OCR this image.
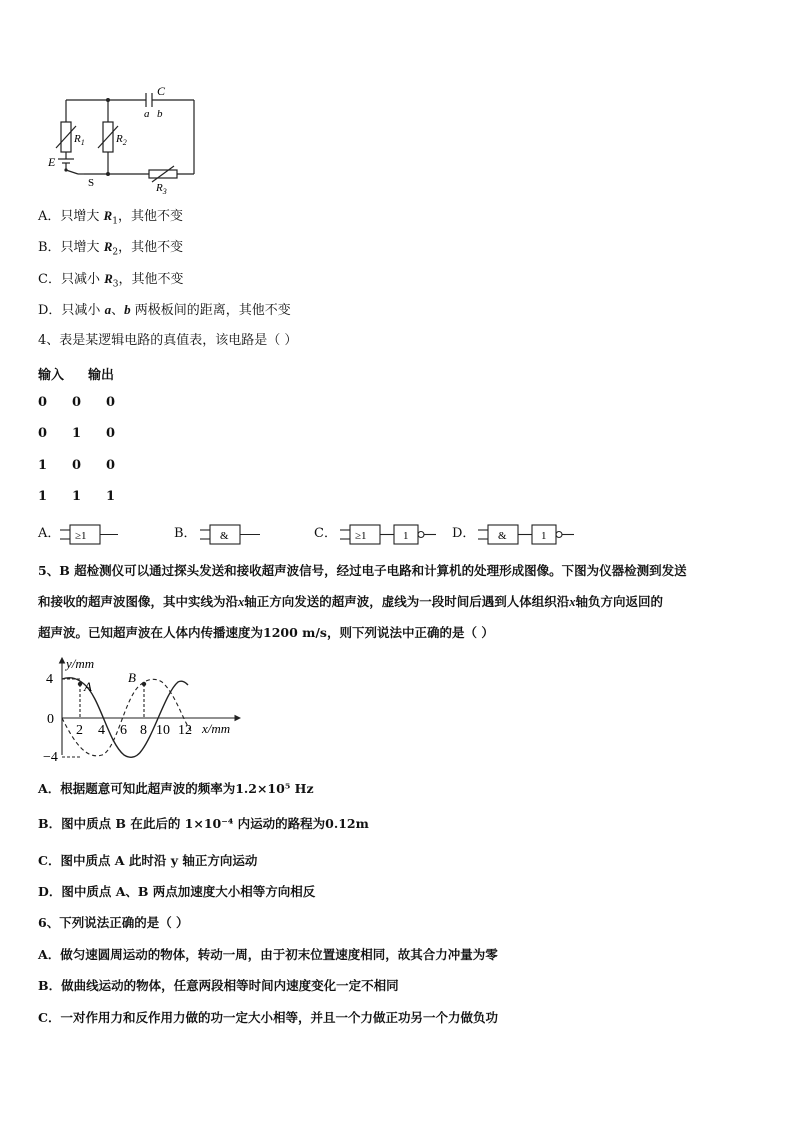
C
a b
$R_1$	$R_2$
E
S	$R_3$
A．只增大 $R_1$，其他不变
B．只增大 $R_2$，其他不变
C．只减小 $R_3$，其他不变
D．只减小 a、b 两极板间的距离，其他不变
4、表是某逻辑电路的真值表，该电路是（ ）
输入 输出
0 0 0
0 1 0
1 0 0
1 1 1
A． ≥1	B． &	C． ≥1	1	D． &	1
5、B 超检测仪可以通过探头发送和接收超声波信号，经过电子电路和计算机的处理形成图像。下图为仪器检测到发送
和接收的超声波图像，其中实线为沿x轴正方向发送的超声波，虚线为一段时间后遇到人体组织沿x轴负方向返回的
超声波。已知超声波在人体内传播速度为1200 m/s，则下列说法中正确的是（ ）
y/mm
x/mm
4
0
−4
2 4 6 8 10 12
A
B
A．根据题意可知此超声波的频率为1.2×10⁵ Hz
B．图中质点 B 在此后的 1×10⁻⁴ 内运动的路程为0.12m
C．图中质点 A 此时沿 y 轴正方向运动
D．图中质点 A、B 两点加速度大小相等方向相反
6、下列说法正确的是（ ）
A．做匀速圆周运动的物体，转动一周，由于初末位置速度相同，故其合力冲量为零
B．做曲线运动的物体，任意两段相等时间内速度变化一定不相同
C．一对作用力和反作用力做的功一定大小相等，并且一个力做正功另一个力做负功
